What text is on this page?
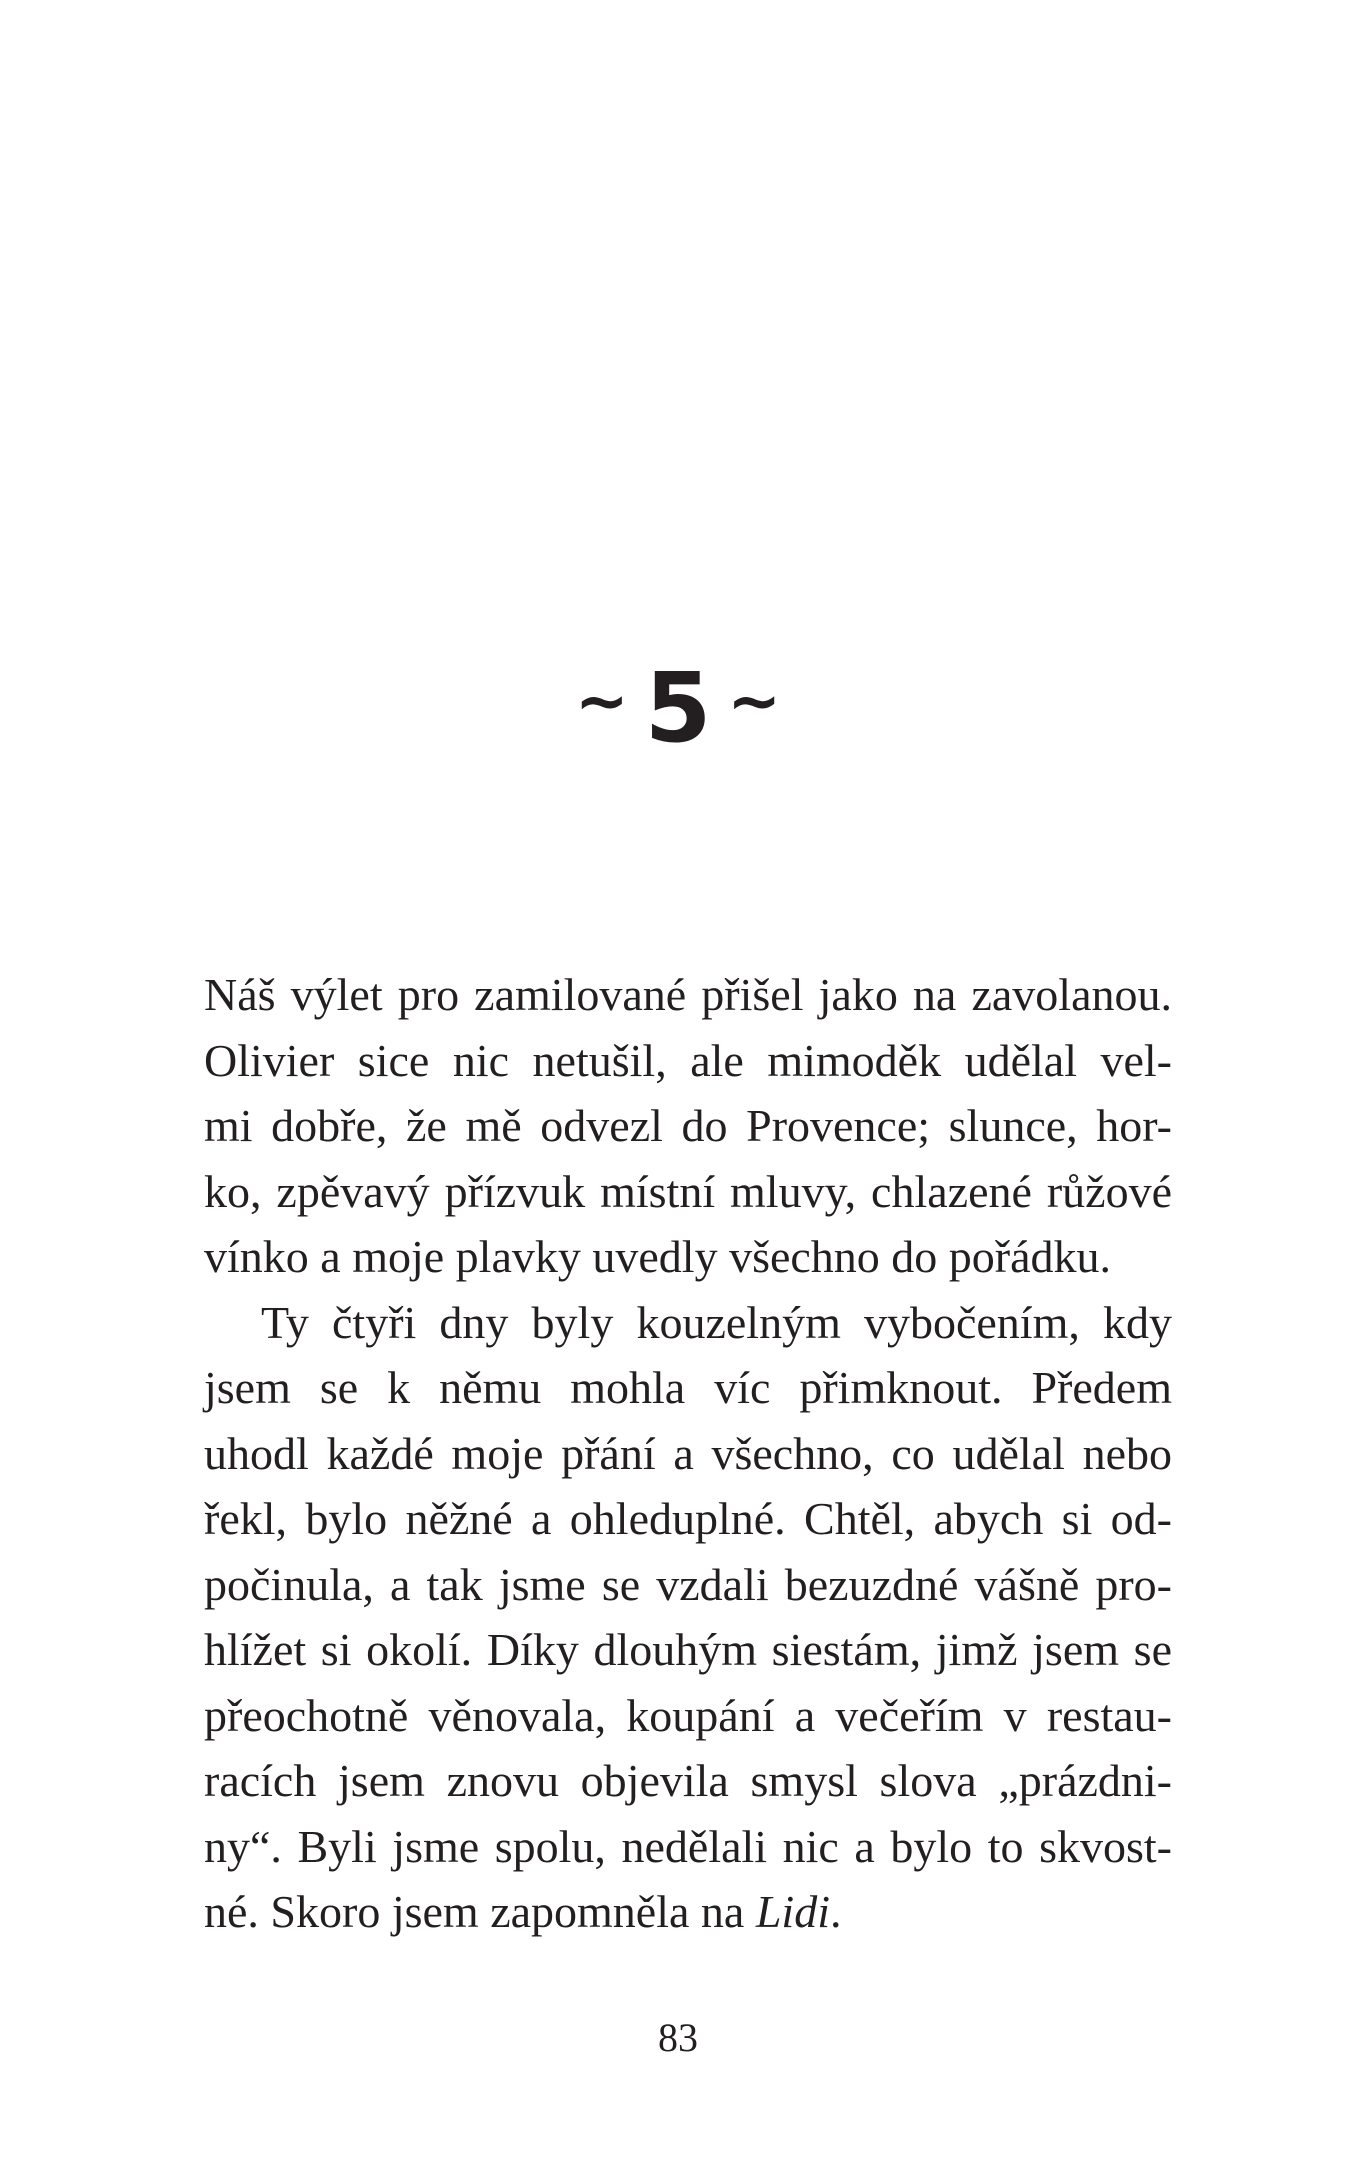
~ 5 ~
Náš výlet pro zamilované přišel jako na zavolanou.
Olivier sice nic netušil, ale mimoděk udělal vel-
mi dobře, že mě odvezl do Provence; slunce, hor-
ko, zpěvavý přízvuk místní mluvy, chlazené růžové
vínko a moje plavky uvedly všechno do pořádku.
Ty čtyři dny byly kouzelným vybočením, kdy
jsem se k němu mohla víc přimknout. Předem
uhodl každé moje přání a všechno, co udělal nebo
řekl, bylo něžné a ohleduplné. Chtěl, abych si od-
počinula, a tak jsme se vzdali bezuzdné vášně pro-
hlížet si okolí. Díky dlouhým siestám, jimž jsem se
přeochotně věnovala, koupání a večeřím v restau-
racích jsem znovu objevila smysl slova „prázdni-
ny“. Byli jsme spolu, nedělali nic a bylo to skvost-
né. Skoro jsem zapomněla na Lidi.
83
